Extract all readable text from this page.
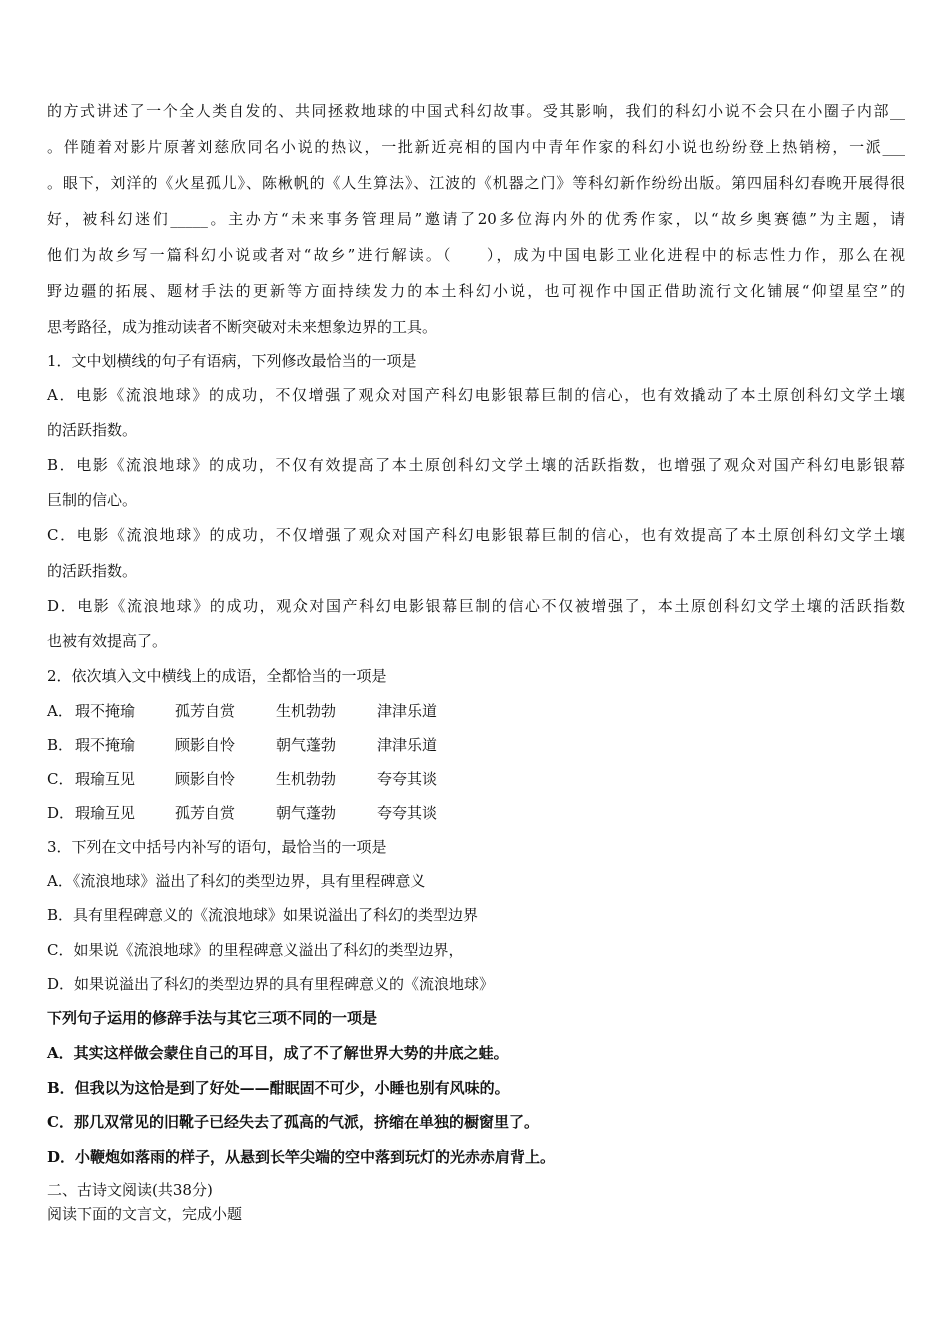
的方式讲述了一个全人类自发的、共同拯救地球的中国式科幻故事。受其影响，我们的科幻小说不会只在小圈子内部__
。伴随着对影片原著刘慈欣同名小说的热议，一批新近亮相的国内中青年作家的科幻小说也纷纷登上热销榜，一派___
。眼下，刘洋的《火星孤儿》、陈楸帆的《人生算法》、江波的《机器之门》等科幻新作纷纷出版。第四届科幻春晚开展得很
好，被科幻迷们_____。主办方“未来事务管理局”邀请了20多位海内外的优秀作家，以“故乡奥赛德”为主题，请
他们为故乡写一篇科幻小说或者对“故乡”进行解读。（　　），成为中国电影工业化进程中的标志性力作，那么在视
野边疆的拓展、题材手法的更新等方面持续发力的本土科幻小说，也可视作中国正借助流行文化铺展“仰望星空”的
思考路径，成为推动读者不断突破对未来想象边界的工具。
1．文中划横线的句子有语病，下列修改最恰当的一项是
A．电影《流浪地球》的成功，不仅增强了观众对国产科幻电影银幕巨制的信心，也有效撬动了本土原创科幻文学土壤
的活跃指数。
B．电影《流浪地球》的成功，不仅有效提高了本土原创科幻文学土壤的活跃指数，也增强了观众对国产科幻电影银幕
巨制的信心。
C．电影《流浪地球》的成功，不仅增强了观众对国产科幻电影银幕巨制的信心，也有效提高了本土原创科幻文学土壤
的活跃指数。
D．电影《流浪地球》的成功，观众对国产科幻电影银幕巨制的信心不仅被增强了，本土原创科幻文学土壤的活跃指数
也被有效提高了。
2．依次填入文中横线上的成语，全都恰当的一项是
A． 瑕不掩瑜	孤芳自赏	生机勃勃	津津乐道
B． 瑕不掩瑜	顾影自怜	朝气蓬勃	津津乐道
C． 瑕瑜互见	顾影自怜	生机勃勃	夸夸其谈
D．瑕瑜互见	孤芳自赏	朝气蓬勃	夸夸其谈
3．下列在文中括号内补写的语句，最恰当的一项是
A．《流浪地球》溢出了科幻的类型边界，具有里程碑意义
B．具有里程碑意义的《流浪地球》如果说溢出了科幻的类型边界
C．如果说《流浪地球》的里程碑意义溢出了科幻的类型边界，
D．如果说溢出了科幻的类型边界的具有里程碑意义的《流浪地球》
下列句子运用的修辞手法与其它三项不同的一项是
A．其实这样做会蒙住自己的耳目，成了不了解世界大势的井底之蛙。
B．但我以为这恰是到了好处——酣眠固不可少，小睡也别有风味的。
C．那几双常见的旧靴子已经失去了孤高的气派，挤缩在单独的橱窗里了。
D．小鞭炮如落雨的样子，从悬到长竿尖端的空中落到玩灯的光赤赤肩背上。
二、古诗文阅读(共38分)
阅读下面的文言文，完成小题
